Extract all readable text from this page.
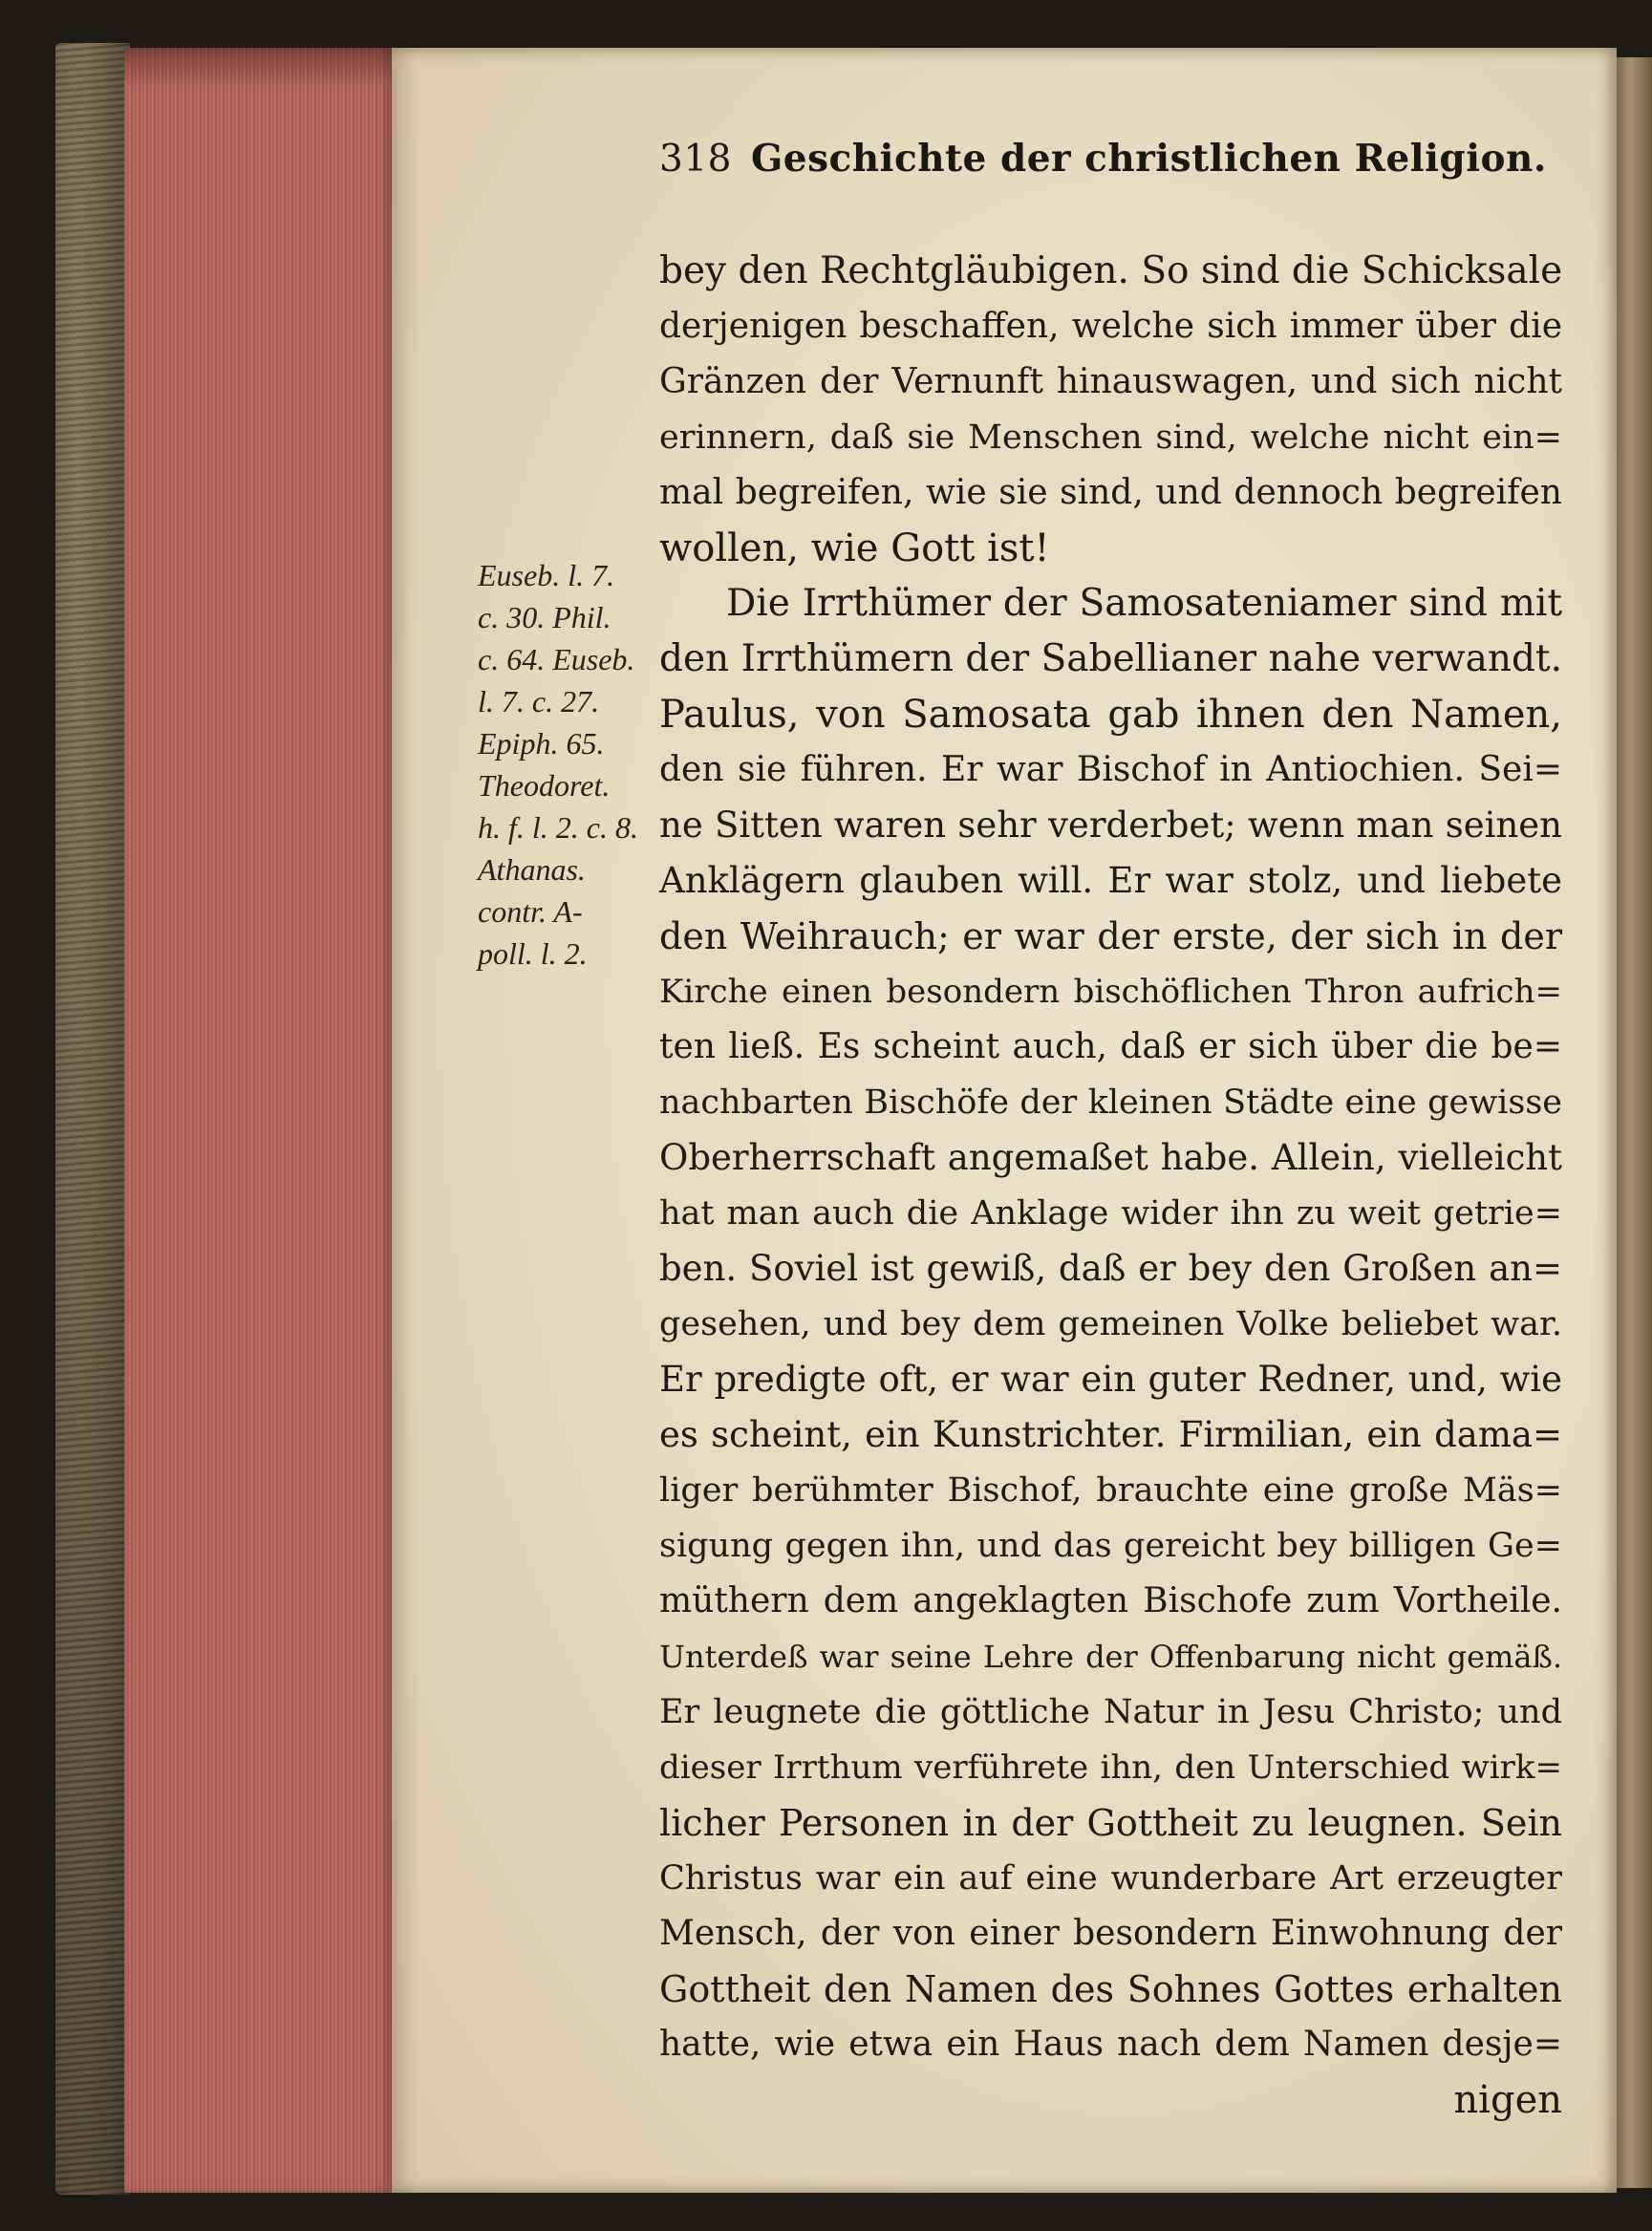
318 Geschichte der christlichen Religion.
Euseb. l. 7.
c. 30. Phil.
c. 64. Euseb.
l. 7. c. 27.
Epiph. 65.
Theodoret.
h. f. l. 2. c. 8.
Athanas.
contr. A-
poll. l. 2.
bey den Rechtgläubigen. So sind die Schicksale
derjenigen beschaffen, welche sich immer über die
Gränzen der Vernunft hinauswagen, und sich nicht
erinnern, daß sie Menschen sind, welche nicht ein=
mal begreifen, wie sie sind, und dennoch begreifen
wollen, wie Gott ist!
Die Irrthümer der Samosateniamer sind mit
den Irrthümern der Sabellianer nahe verwandt.
Paulus, von Samosata gab ihnen den Namen,
den sie führen. Er war Bischof in Antiochien. Sei=
ne Sitten waren sehr verderbet; wenn man seinen
Anklägern glauben will. Er war stolz, und liebete
den Weihrauch; er war der erste, der sich in der
Kirche einen besondern bischöflichen Thron aufrich=
ten ließ. Es scheint auch, daß er sich über die be=
nachbarten Bischöfe der kleinen Städte eine gewisse
Oberherrschaft angemaßet habe. Allein, vielleicht
hat man auch die Anklage wider ihn zu weit getrie=
ben. Soviel ist gewiß, daß er bey den Großen an=
gesehen, und bey dem gemeinen Volke beliebet war.
Er predigte oft, er war ein guter Redner, und, wie
es scheint, ein Kunstrichter. Firmilian, ein dama=
liger berühmter Bischof, brauchte eine große Mäs=
sigung gegen ihn, und das gereicht bey billigen Ge=
müthern dem angeklagten Bischofe zum Vortheile.
Unterdeß war seine Lehre der Offenbarung nicht gemäß.
Er leugnete die göttliche Natur in Jesu Christo; und
dieser Irrthum verführete ihn, den Unterschied wirk=
licher Personen in der Gottheit zu leugnen. Sein
Christus war ein auf eine wunderbare Art erzeugter
Mensch, der von einer besondern Einwohnung der
Gottheit den Namen des Sohnes Gottes erhalten
hatte, wie etwa ein Haus nach dem Namen desje=
nigen
